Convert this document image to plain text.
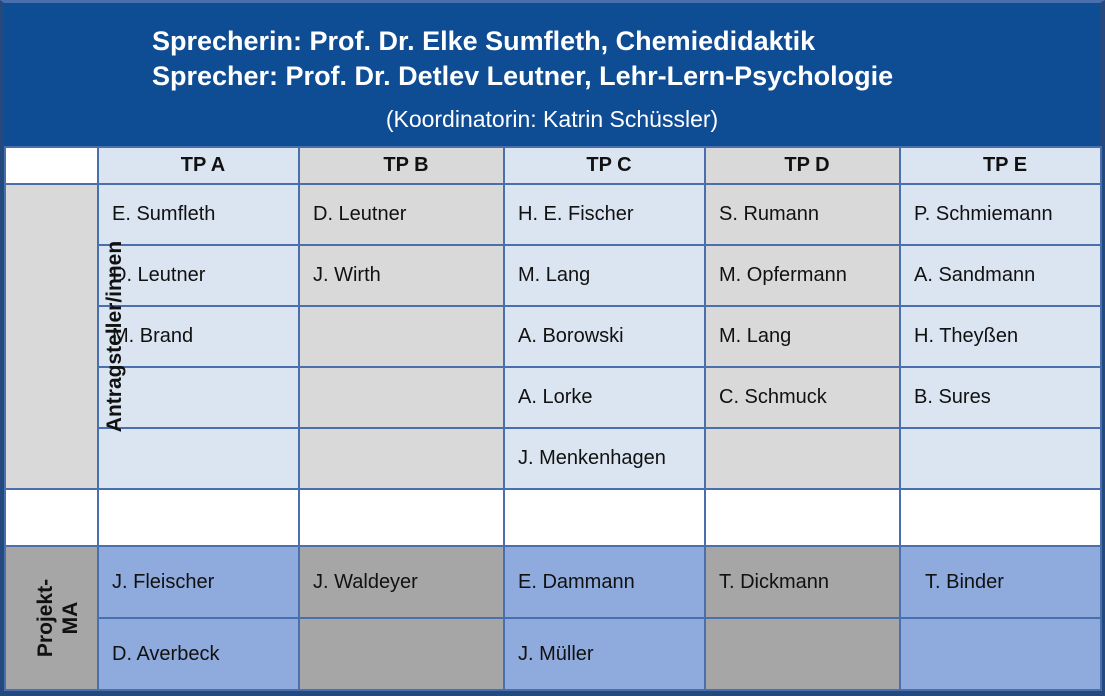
Sprecherin: Prof. Dr. Elke Sumfleth, Chemiedidaktik
Sprecher: Prof. Dr. Detlev Leutner, Lehr-Lern-Psychologie
(Koordinatorin: Katrin Schüssler)
	TP A	TP B	TP C	TP D	TP E

Antragsteller/innen	E. Sumfleth	D. Leutner	H. E. Fischer	S. Rumann	P. Schmiemann
	D. Leutner	J. Wirth	M. Lang	M. Opfermann	A. Sandmann
	M. Brand		A. Borowski	M. Lang	H. Theyßen
			A. Lorke	C. Schmuck	B. Sures
			J. Menkenhagen		

Projekt- MA	J. Fleischer	J. Waldeyer	E. Dammann	T. Dickmann	T. Binder
	D. Averbeck		J. Müller		
